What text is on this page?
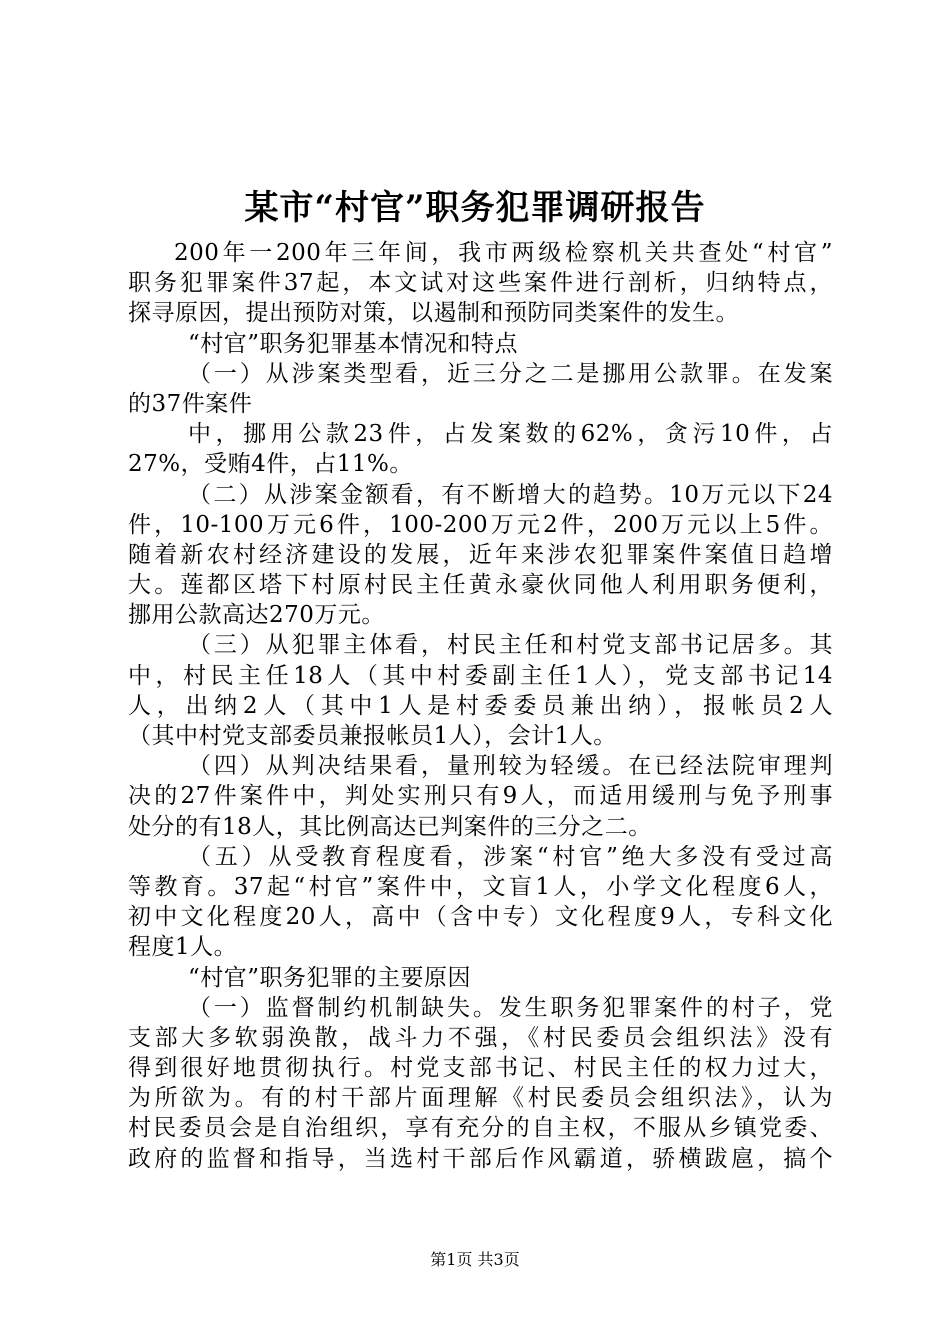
某市“村官”职务犯罪调研报告
200年一200年三年间，我市两级检察机关共查处“村官”
职务犯罪案件37起，本文试对这些案件进行剖析，归纳特点，
探寻原因，提出预防对策，以遏制和预防同类案件的发生。
“村官”职务犯罪基本情况和特点
（一）从涉案类型看，近三分之二是挪用公款罪。在发案
的37件案件
中，挪用公款23件，占发案数的62%，贪污10件，占
27%，受贿4件，占11%。
（二）从涉案金额看，有不断增大的趋势。10万元以下24
件，10-100万元6件，100-200万元2件，200万元以上5件。
随着新农村经济建设的发展，近年来涉农犯罪案件案值日趋增
大。莲都区塔下村原村民主任黄永豪伙同他人利用职务便利，
挪用公款高达270万元。
（三）从犯罪主体看，村民主任和村党支部书记居多。其
中，村民主任18人（其中村委副主任1人），党支部书记14
人，出纳2人（其中1人是村委委员兼出纳），报帐员2人
（其中村党支部委员兼报帐员1人），会计1人。
（四）从判决结果看，量刑较为轻缓。在已经法院审理判
决的27件案件中，判处实刑只有9人，而适用缓刑与免予刑事
处分的有18人，其比例高达已判案件的三分之二。
（五）从受教育程度看，涉案“村官”绝大多没有受过高
等教育。37起“村官”案件中，文盲1人，小学文化程度6人，
初中文化程度20人，高中（含中专）文化程度9人，专科文化
程度1人。
“村官”职务犯罪的主要原因
（一）监督制约机制缺失。发生职务犯罪案件的村子，党
支部大多软弱涣散，战斗力不强，《村民委员会组织法》没有
得到很好地贯彻执行。村党支部书记、村民主任的权力过大，
为所欲为。有的村干部片面理解《村民委员会组织法》，认为
村民委员会是自治组织，享有充分的自主权，不服从乡镇党委、
政府的监督和指导，当选村干部后作风霸道，骄横跋扈，搞个
第1页 共3页
